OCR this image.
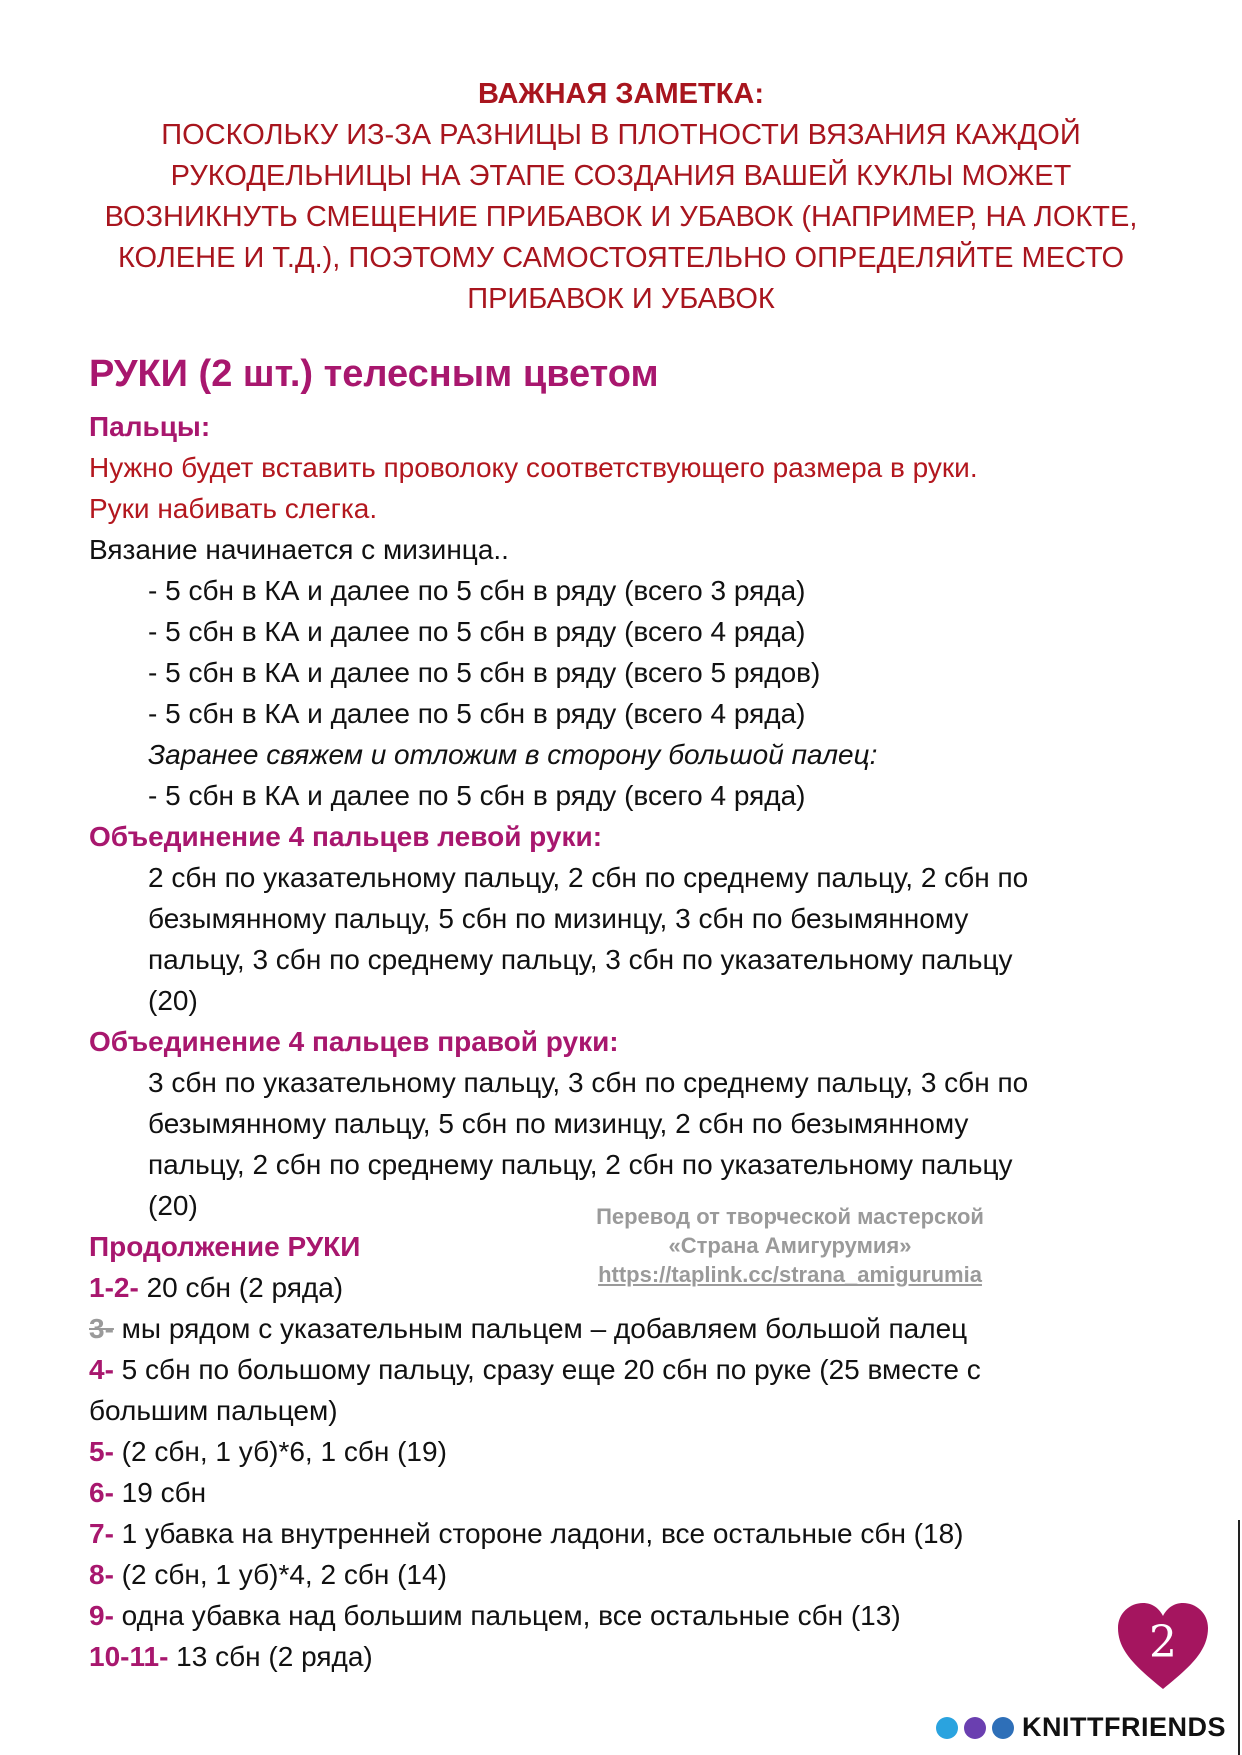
ВАЖНАЯ ЗАМЕТКА:
ПОСКОЛЬКУ ИЗ-ЗА РАЗНИЦЫ В ПЛОТНОСТИ ВЯЗАНИЯ КАЖДОЙ
РУКОДЕЛЬНИЦЫ НА ЭТАПЕ СОЗДАНИЯ ВАШЕЙ КУКЛЫ МОЖЕТ
ВОЗНИКНУТЬ СМЕЩЕНИЕ ПРИБАВОК И УБАВОК (НАПРИМЕР, НА ЛОКТЕ,
КОЛЕНЕ И Т.Д.), ПОЭТОМУ САМОСТОЯТЕЛЬНО ОПРЕДЕЛЯЙТЕ МЕСТО
ПРИБАВОК И УБАВОК
РУКИ (2 шт.) телесным цветом
Пальцы:
Нужно будет вставить проволоку соответствующего размера в руки.
Руки набивать слегка.
Вязание начинается с мизинца..
- 5 сбн в КА и далее по 5 сбн в ряду (всего 3 ряда)
- 5 сбн в КА и далее по 5 сбн в ряду (всего 4 ряда)
- 5 сбн в КА и далее по 5 сбн в ряду (всего 5 рядов)
- 5 сбн в КА и далее по 5 сбн в ряду (всего 4 ряда)
Заранее свяжем и отложим в сторону большой палец:
- 5 сбн в КА и далее по 5 сбн в ряду (всего 4 ряда)
Объединение 4 пальцев левой руки:
2 сбн по указательному пальцу, 2 сбн по среднему пальцу, 2 сбн по
безымянному пальцу, 5 сбн по мизинцу, 3 сбн по безымянному
пальцу, 3 сбн по среднему пальцу, 3 сбн по указательному пальцу
(20)
Объединение 4 пальцев правой руки:
3 сбн по указательному пальцу, 3 сбн по среднему пальцу, 3 сбн по
безымянному пальцу, 5 сбн по мизинцу, 2 сбн по безымянному
пальцу, 2 сбн по среднему пальцу, 2 сбн по указательному пальцу
(20)
Продолжение РУКИ
1-2- 20 сбн (2 ряда)
3- мы рядом с указательным пальцем – добавляем большой палец
4- 5 сбн по большому пальцу, сразу еще 20 сбн по руке (25 вместе с
большим пальцем)
5- (2 сбн, 1 уб)*6, 1 сбн (19)
6- 19 сбн
7- 1 убавка на внутренней стороне ладони, все остальные сбн (18)
8- (2 сбн, 1 уб)*4, 2 сбн (14)
9- одна убавка над большим пальцем, все остальные сбн (13)
10-11- 13 сбн (2 ряда)
Перевод от творческой мастерской
«Страна Амигурумия»
https://taplink.cc/strana_amigurumia
2
KNITTFRIENDS
